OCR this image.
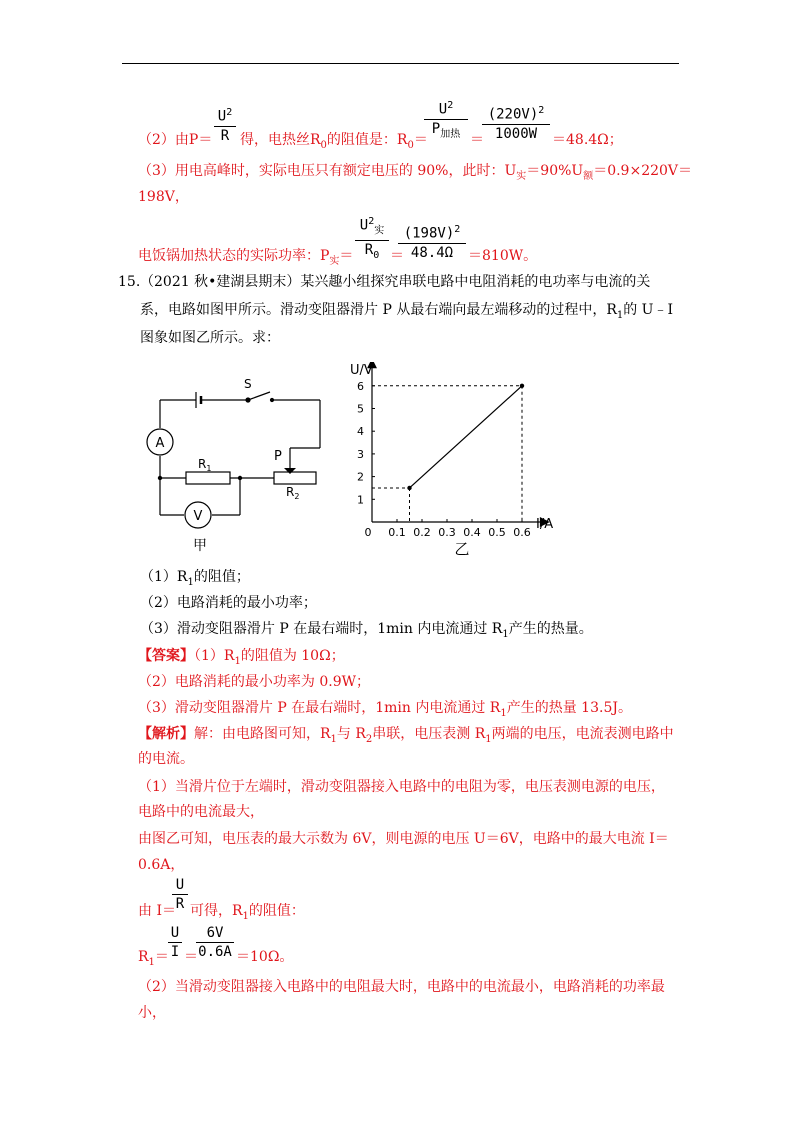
（2）由P＝
$U^2$
R 得，电热丝$R_0$的阻值是：$R_0=$
$U^2$
$P_{加热}$ ＝
$(220V)^2$
1000W	＝48.4Ω；
（3）用电高峰时，实际电压只有额定电压的 90%，此时：$U_实=90\%U_额=0.9\times 220V=$
198V，
电饭锅加热状态的实际功率：$P_实=$
$U^2_实$
$R_0$ ＝
$(198V)^2$
48.4Ω	＝810W。
15. （2021 秋•建湖县期末）某兴趣小组探究串联电路中电阻消耗的电功率与电流的关
系，电路如图甲所示。滑动变阻器滑片 P 从最右端向最左端移动的过程中，$R_1$的 U﹣I
图象如图乙所示。求：
S
A
V
$R_1$
$R_2$
P
甲
0 0.1 0.2 0.3 0.4 0.5 0.6
1
2
3
4
5
6
U/V
I/A
乙
$(1)R_1$的阻值；
（2）电路消耗的最小功率；
（3）滑动变阻器滑片 P 在最右端时，1min 内电流通过 $R_1$产生的热量。
【答案】$(1)R_1$的阻值为 10Ω；
（2）电路消耗的最小功率为 0.9W；
（3）滑动变阻器滑片 P 在最右端时，1min 内电流通过 $R_1$产生的热量 13.5J。
【解析】解：由电路图可知，$R_1$与 $R_2$串联，电压表测 $R_1$两端的电压，电流表测电路中
的电流。
（1）当滑片位于左端时，滑动变阻器接入电路中的电阻为零，电压表测电源的电压，
电路中的电流最大，
由图乙可知，电压表的最大示数为 6V，则电源的电压 U＝6V，电路中的最大电流 I＝
0.6A，
由 I＝
U
R 可得，$R_1$的阻值：
$R_1=$
U
I ＝
6V
0.6A ＝10Ω。
（2）当滑动变阻器接入电路中的电阻最大时，电路中的电流最小，电路消耗的功率最
小，
